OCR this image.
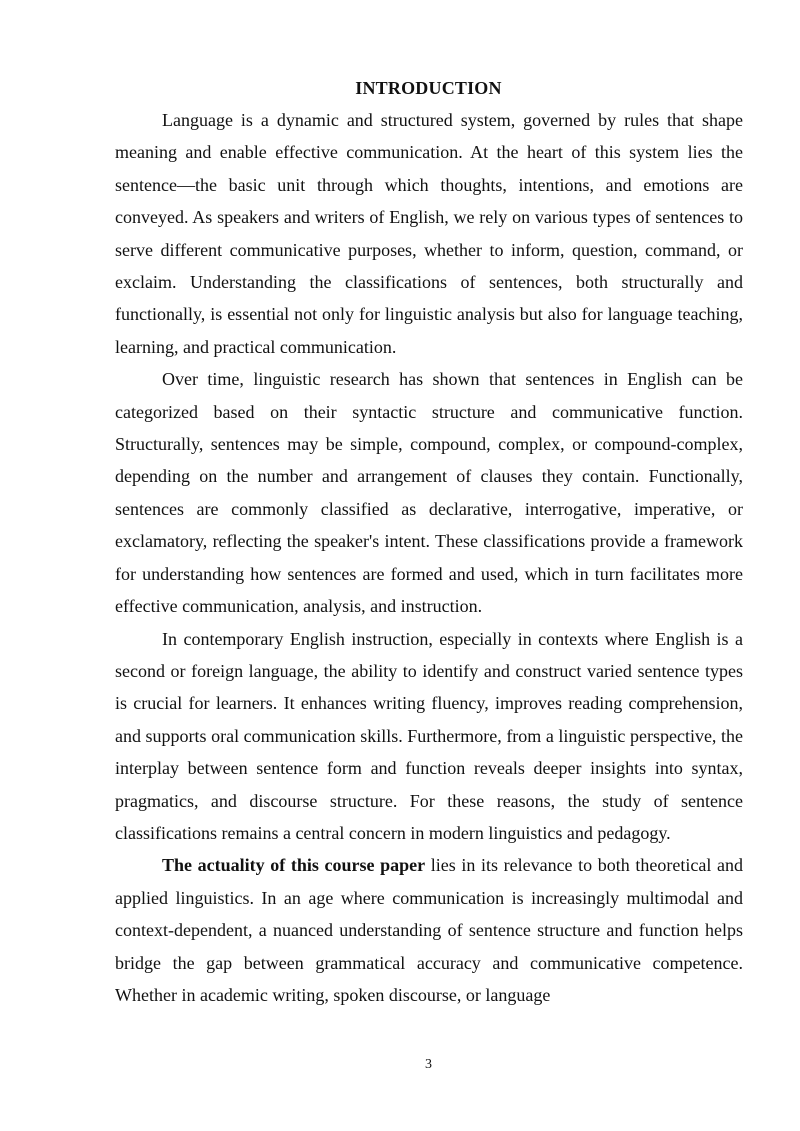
INTRODUCTION

Language is a dynamic and structured system, governed by rules that shape meaning and enable effective communication. At the heart of this system lies the sentence—the basic unit through which thoughts, intentions, and emotions are conveyed. As speakers and writers of English, we rely on various types of sentences to serve different communicative purposes, whether to inform, question, command, or exclaim. Understanding the classifications of sentences, both structurally and functionally, is essential not only for linguistic analysis but also for language teaching, learning, and practical communication.

Over time, linguistic research has shown that sentences in English can be categorized based on their syntactic structure and communicative function. Structurally, sentences may be simple, compound, complex, or compound-complex, depending on the number and arrangement of clauses they contain. Functionally, sentences are commonly classified as declarative, interrogative, imperative, or exclamatory, reflecting the speaker's intent. These classifications provide a framework for understanding how sentences are formed and used, which in turn facilitates more effective communication, analysis, and instruction.

In contemporary English instruction, especially in contexts where English is a second or foreign language, the ability to identify and construct varied sentence types is crucial for learners. It enhances writing fluency, improves reading comprehension, and supports oral communication skills. Furthermore, from a linguistic perspective, the interplay between sentence form and function reveals deeper insights into syntax, pragmatics, and discourse structure. For these reasons, the study of sentence classifications remains a central concern in modern linguistics and pedagogy.

The actuality of this course paper lies in its relevance to both theoretical and applied linguistics. In an age where communication is increasingly multimodal and context-dependent, a nuanced understanding of sentence structure and function helps bridge the gap between grammatical accuracy and communicative competence. Whether in academic writing, spoken discourse, or language

3
